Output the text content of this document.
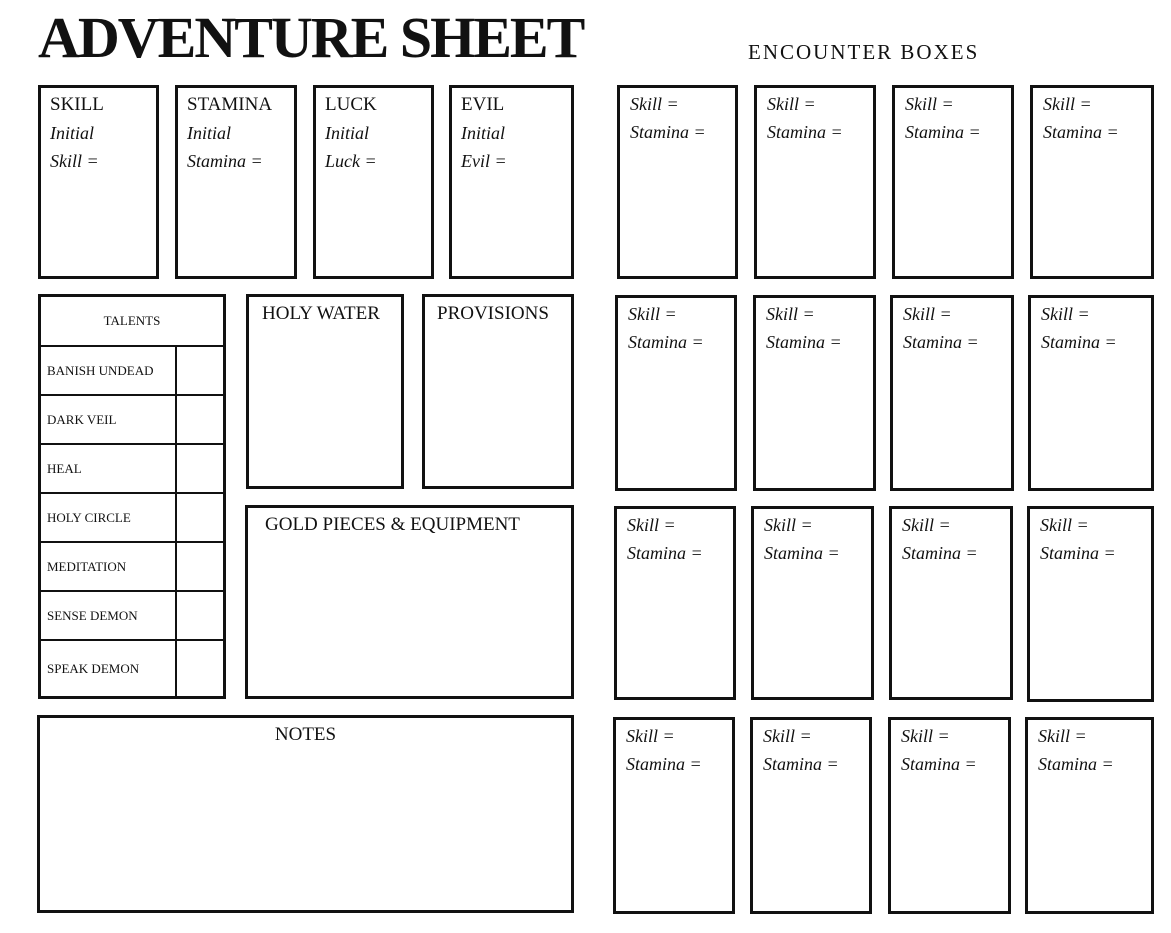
ADVENTURE SHEET	ENCOUNTER BOXES
SKILL
Initial
Skill =
STAMINA
Initial
Stamina =
LUCK
Initial
Luck =
EVIL
Initial
Evil =
TALENTS
BANISH UNDEAD
DARK VEIL
HEAL
HOLY CIRCLE
MEDITATION
SENSE DEMON
SPEAK DEMON
HOLY WATER	PROVISIONS
GOLD PIECES & EQUIPMENT
NOTES
Skill =
Stamina =
Skill =
Stamina =
Skill =
Stamina =
Skill =
Stamina =
Skill =
Stamina =
Skill =
Stamina =
Skill =
Stamina =
Skill =
Stamina =
Skill =
Stamina =
Skill =
Stamina =
Skill =
Stamina =
Skill =
Stamina =
Skill =
Stamina =
Skill =
Stamina =
Skill =
Stamina =
Skill =
Stamina =
